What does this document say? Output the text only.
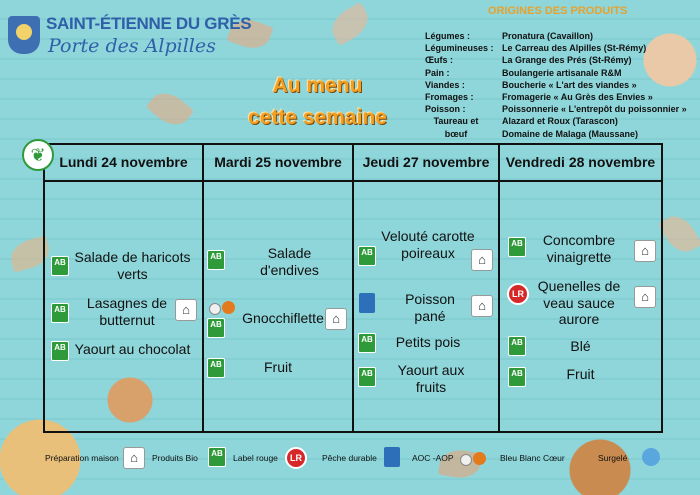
SAINT-ÉTIENNE DU GRÈS
Porte des Alpilles
Au menu
cette semaine
ORIGINES DES PRODUITS
Légumes :	Pronatura (Cavaillon)
Légumineuses : Le Carreau des Alpilles (St-Rémy)
Œufs :	La Grange des Prés (St-Rémy)
Pain :	Boulangerie artisanale R&M
Viandes :	Boucherie « L'art des viandes »
Fromages :	Fromagerie « Au Grès des Envies »
Poisson :	Poissonnerie « L'entrepôt du poissonnier »
Taureau et	Alazard et Roux (Tarascon)
bœuf	Domaine de Malaga (Maussane)
Lundi 24 novembre
Salade de haricots verts
Lasagnes de butternut
Yaourt au chocolat
AB
AB
AB
⌂
Mardi 25 novembre
Salade d'endives
Gnocchiflette
Fruit
AB
AB
AB
⌂
Jeudi 27 novembre
Velouté carotte poireaux
Poisson pané
Petits pois
Yaourt aux fruits
AB
AB
AB
⌂
⌂
Vendredi 28 novembre
Concombre vinaigrette
Quenelles de veau sauce aurore
Blé
Fruit
AB
LR
AB
AB
⌂
⌂
❦
Préparation maison ⌂	Produits Bio	AB	Label rouge	LR	Pêche durable	AOC -AOP	Bleu Blanc Cœur	Surgelé
